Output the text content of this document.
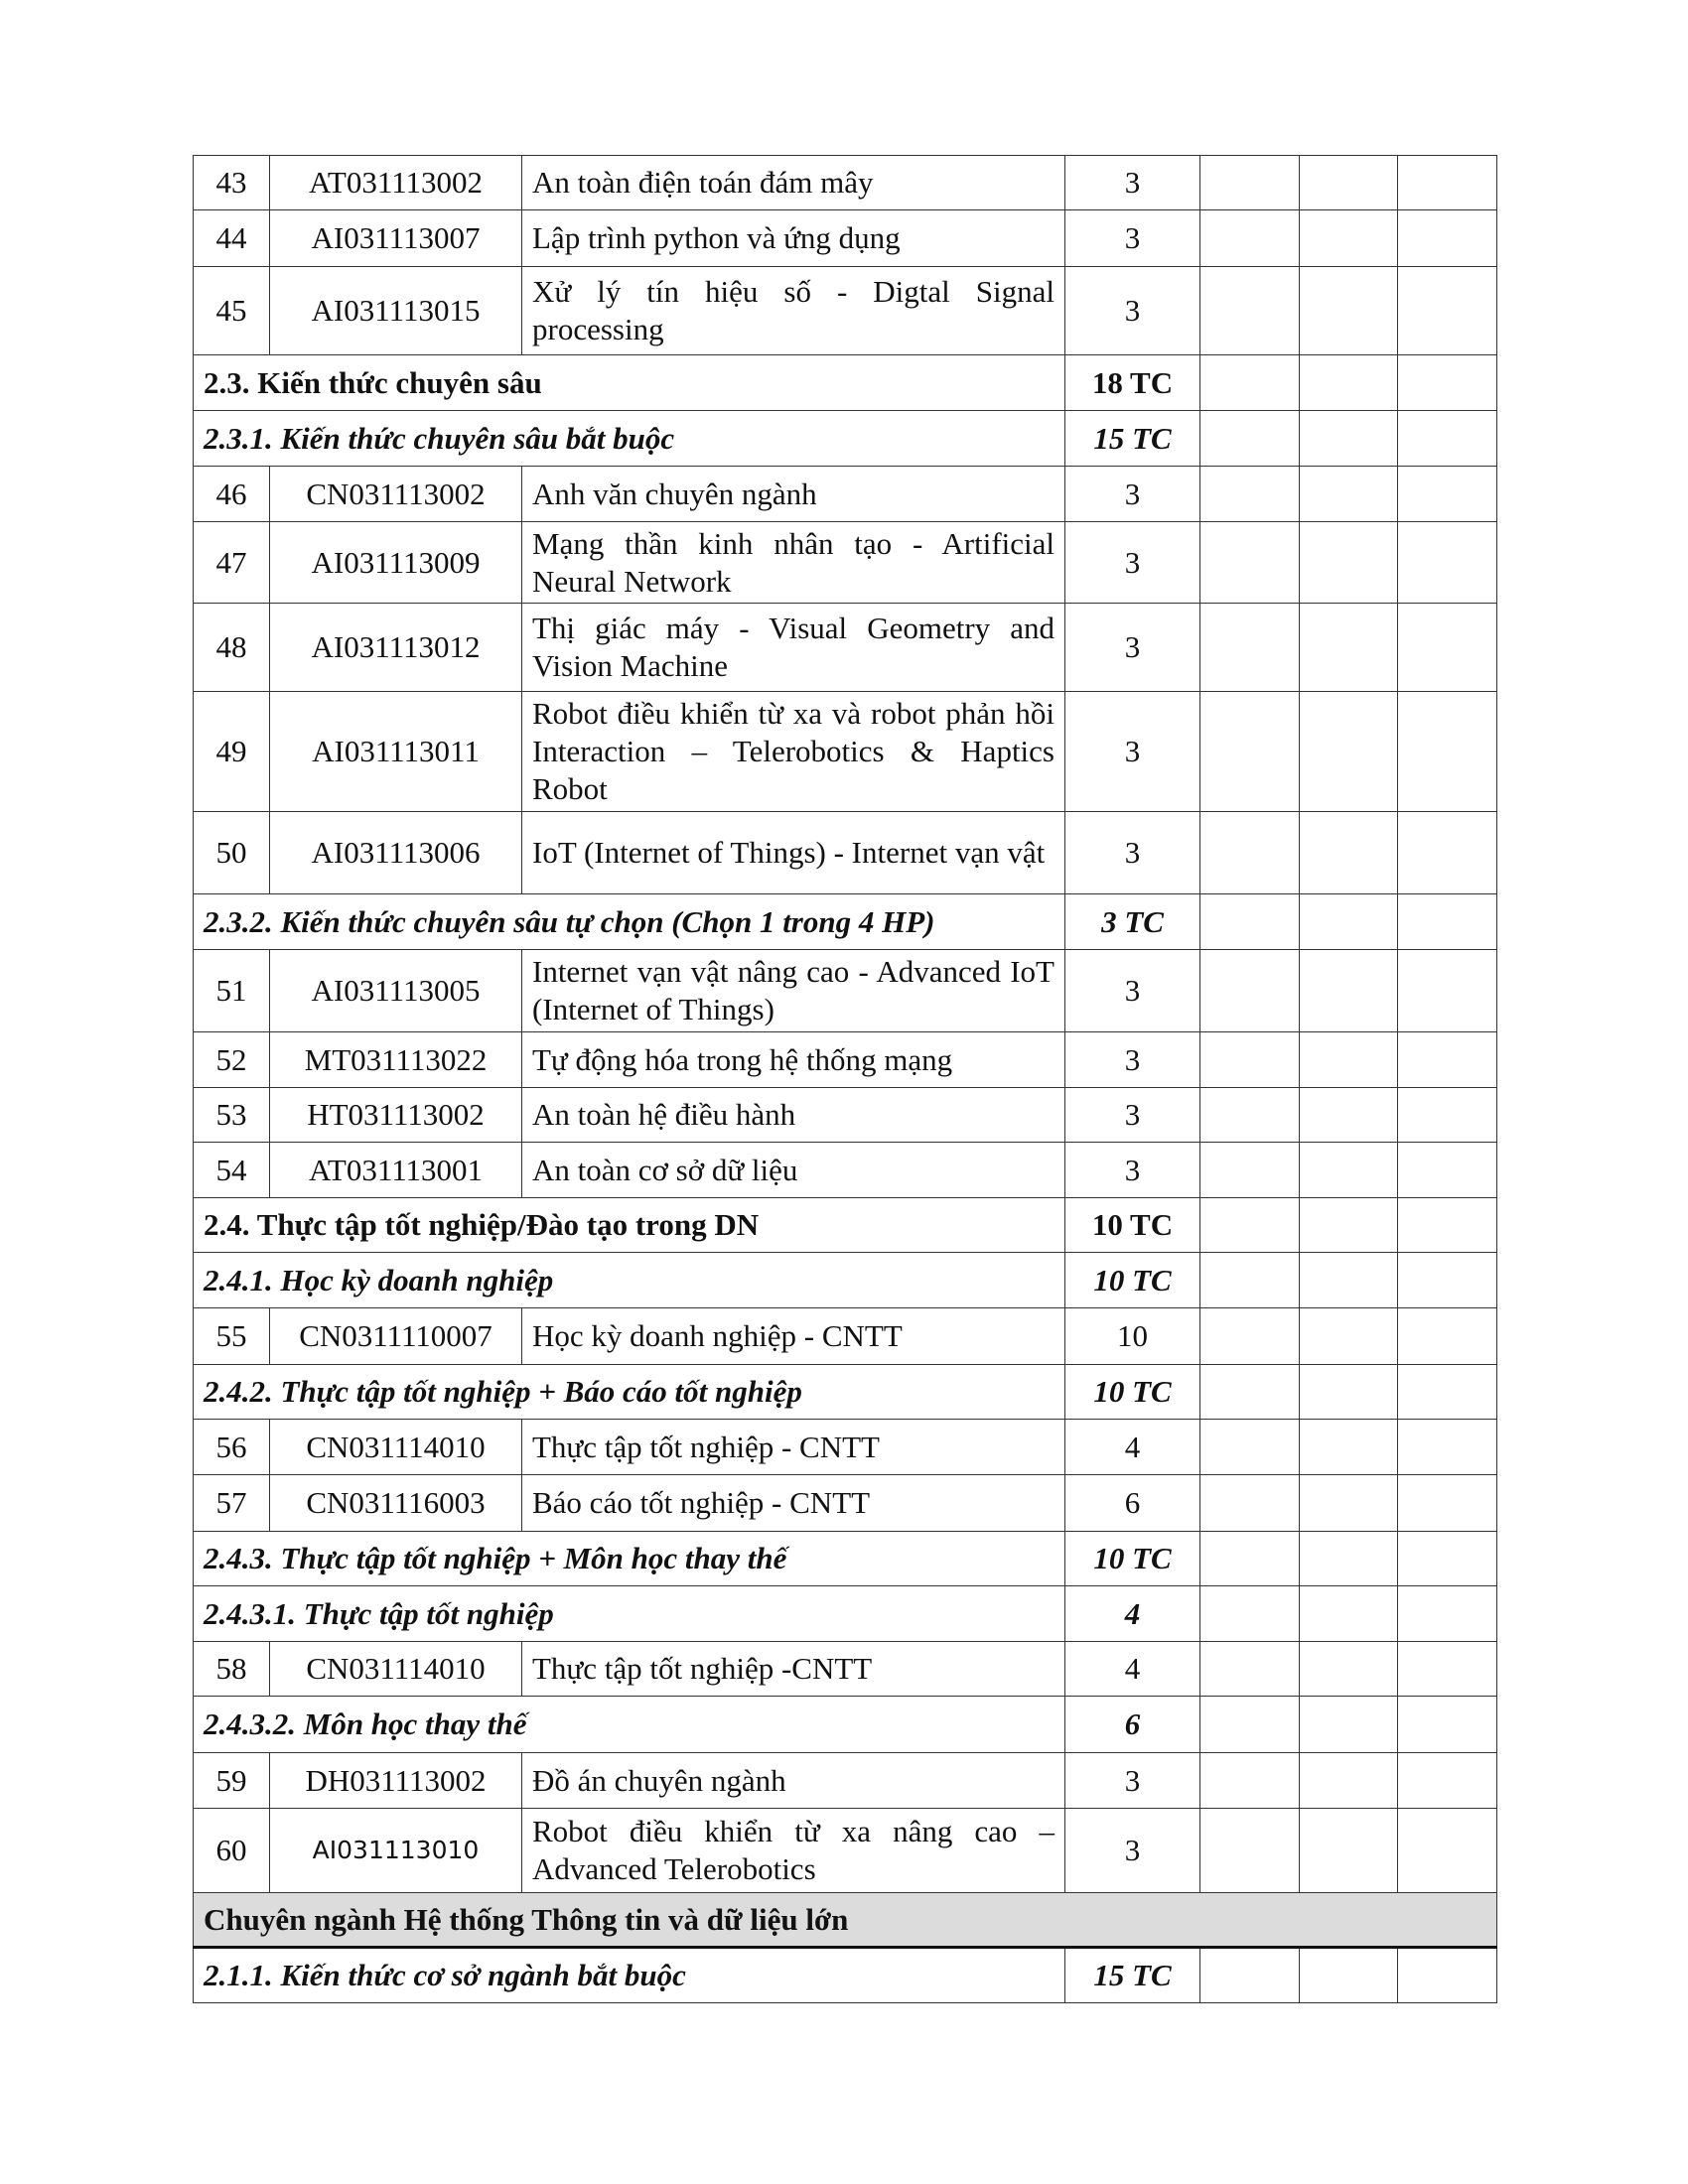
43	AT031113002	An toàn điện toán đám mây	3			
44	AI031113007	Lập trình python và ứng dụng	3			
45	AI031113015	Xử lý tín hiệu số - Digtal Signal processing	3			
2.3. Kiến thức chuyên sâu			18 TC			
2.3.1. Kiến thức chuyên sâu bắt buộc			15 TC			
46	CN031113002	Anh văn chuyên ngành	3			
47	AI031113009	Mạng thần kinh nhân tạo - Artificial Neural Network	3			
48	AI031113012	Thị giác máy - Visual Geometry and Vision Machine	3			
49	AI031113011	Robot điều khiển từ xa và robot phản hồi Interaction – Telerobotics & Haptics Robot	3			
50	AI031113006	IoT (Internet of Things) - Internet vạn vật	3			
2.3.2. Kiến thức chuyên sâu tự chọn (Chọn 1 trong 4 HP)			3 TC			
51	AI031113005	Internet vạn vật nâng cao - Advanced IoT (Internet of Things)	3			
52	MT031113022	Tự động hóa trong hệ thống mạng	3			
53	HT031113002	An toàn hệ điều hành	3			
54	AT031113001	An toàn cơ sở dữ liệu	3			
2.4. Thực tập tốt nghiệp/Đào tạo trong DN			10 TC			
2.4.1. Học kỳ doanh nghiệp			10 TC			
55	CN0311110007	Học kỳ doanh nghiệp - CNTT	10			
2.4.2. Thực tập tốt nghiệp + Báo cáo tốt nghiệp			10 TC			
56	CN031114010	Thực tập tốt nghiệp - CNTT	4			
57	CN031116003	Báo cáo tốt nghiệp - CNTT	6			
2.4.3. Thực tập tốt nghiệp + Môn học thay thế			10 TC			
2.4.3.1. Thực tập tốt nghiệp			4			
58	CN031114010	Thực tập tốt nghiệp -CNTT	4			
2.4.3.2. Môn học thay thế			6			
59	DH031113002	Đồ án chuyên ngành	3			
60	AI031113010	Robot điều khiển từ xa nâng cao – Advanced Telerobotics	3			
Chuyên ngành Hệ thống Thông tin và dữ liệu lớn						
2.1.1. Kiến thức cơ sở ngành bắt buộc			15 TC			
